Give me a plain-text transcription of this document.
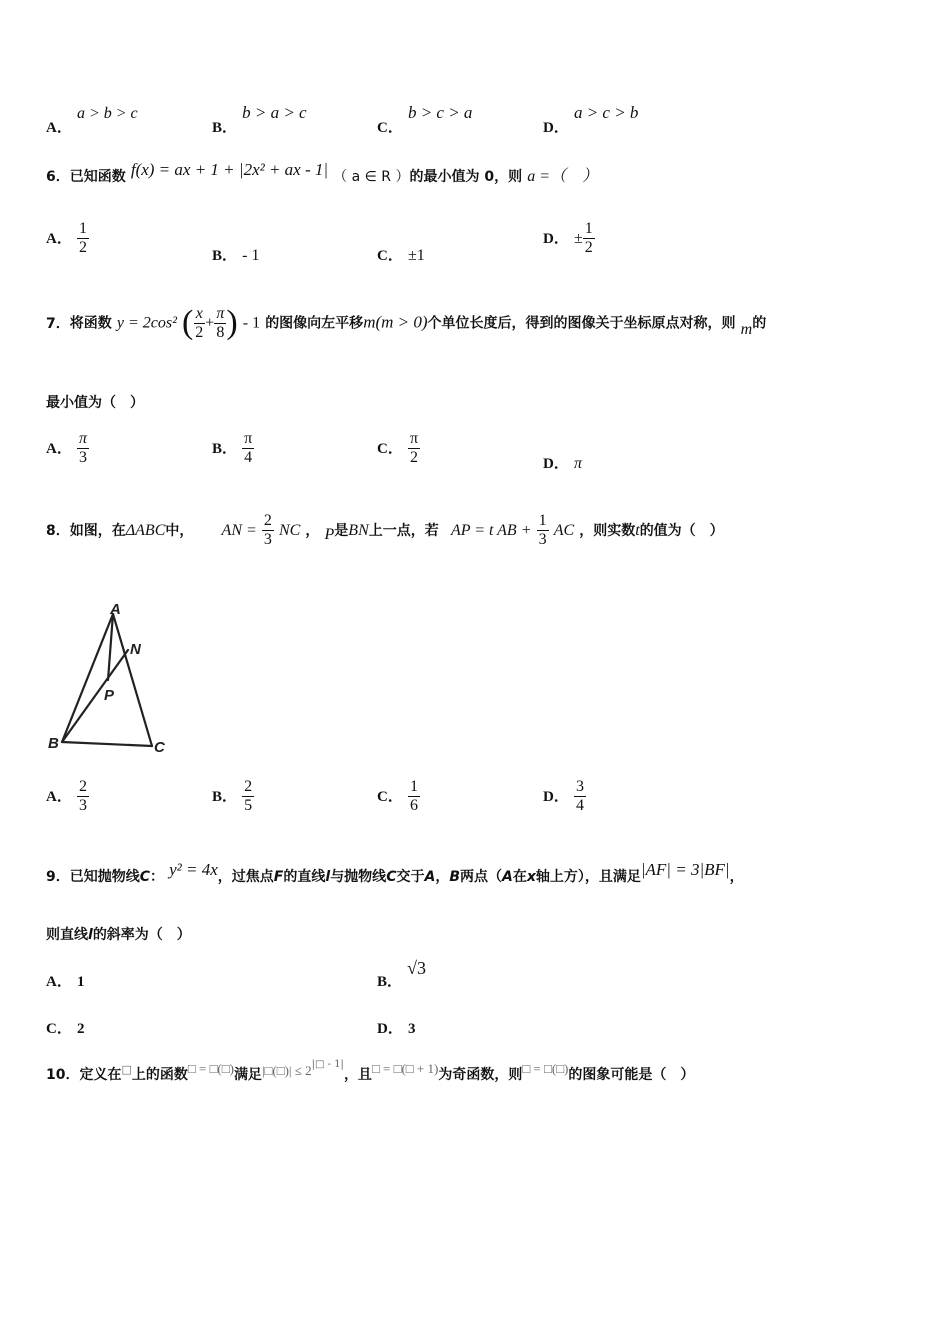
A． a > b > c
B． b > a > c
C． b > c > a
D． a > c > b
6．已知函数 f(x) = ax + 1 + |2x² + ax - 1| （ a ∈ R ）的最小值为 0，则 a =（　）
A． $\frac{1}{2}$	B． - 1	C． ±1
D． ± $\frac{1}{2}$
7．将函数 y = 2cos² ( $\frac{x}{2} + \frac{\pi}{8}$ ) - 1 的图像向左平移m(m > 0)个单位长度后，得到的图像关于坐标原点对称，则 m的
最小值为（　）
A． $\frac{\pi}{3}$	B． $\frac{\pi}{4}$	C． $\frac{\pi}{2}$	D． π
8．如图，在ΔABC中， AN = $\frac{2}{3}$ NC ， P是BN上一点，若 AP = t AB + $\frac{1}{3}$ AC ，则实数t的值为（　）
A
N
P
B	C
A． $\frac{2}{3}$	B． $\frac{2}{5}$	C． $\frac{1}{6}$	D． $\frac{3}{4}$
9．已知抛物线C： y² = 4x，过焦点F的直线l与抛物线C交于A，B两点（A在x轴上方），且满足|AF| = 3|BF|，
则直线l的斜率为（　）
A． 1	B． √3
C． 2	D． 3
10．定义在□上的函数□ = □(□)满足$^{|□(□)| \le 2|□ - 1|}$，且$^{□ = □(□ + 1)}$为奇函数，则□ = □(□)的图象可能是（　）
